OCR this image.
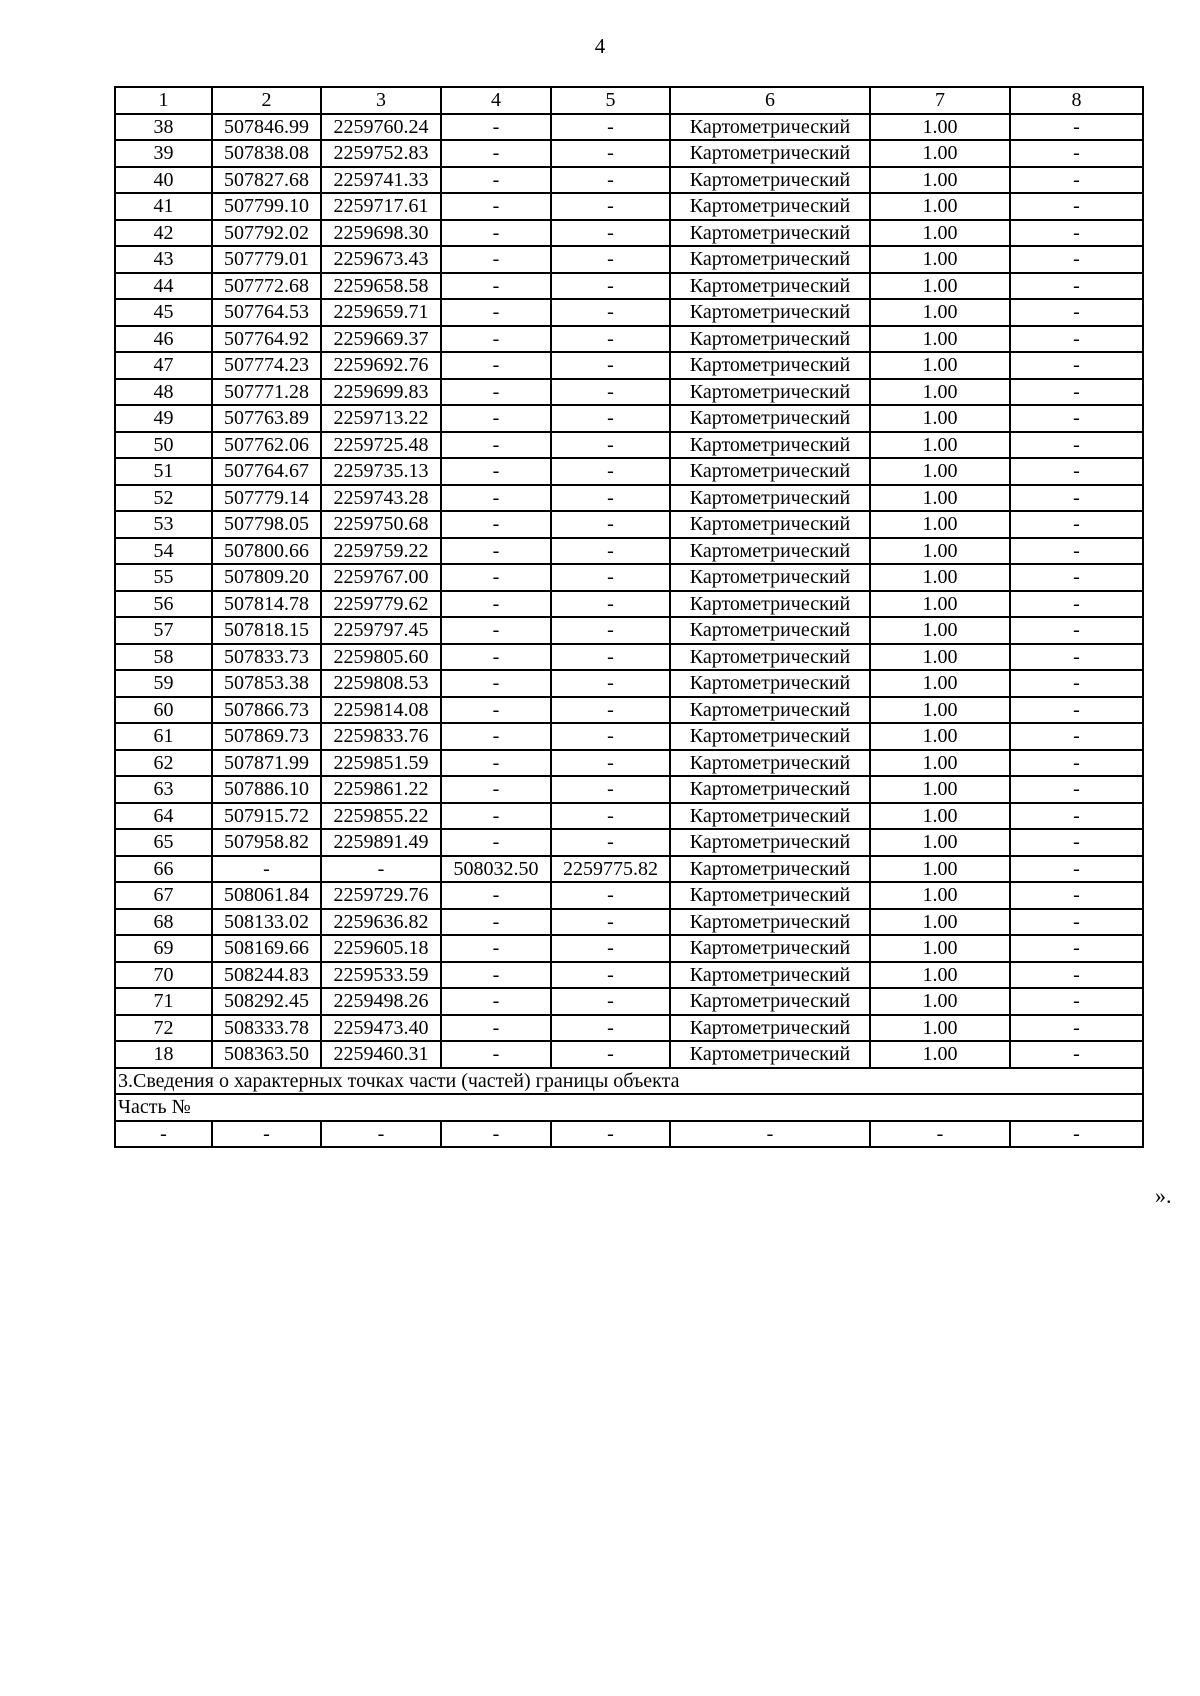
4
1	2	3	4	5	6	7	8
38	507846.99	2259760.24	-	-	Картометрический	1.00	-
39	507838.08	2259752.83	-	-	Картометрический	1.00	-
40	507827.68	2259741.33	-	-	Картометрический	1.00	-
41	507799.10	2259717.61	-	-	Картометрический	1.00	-
42	507792.02	2259698.30	-	-	Картометрический	1.00	-
43	507779.01	2259673.43	-	-	Картометрический	1.00	-
44	507772.68	2259658.58	-	-	Картометрический	1.00	-
45	507764.53	2259659.71	-	-	Картометрический	1.00	-
46	507764.92	2259669.37	-	-	Картометрический	1.00	-
47	507774.23	2259692.76	-	-	Картометрический	1.00	-
48	507771.28	2259699.83	-	-	Картометрический	1.00	-
49	507763.89	2259713.22	-	-	Картометрический	1.00	-
50	507762.06	2259725.48	-	-	Картометрический	1.00	-
51	507764.67	2259735.13	-	-	Картометрический	1.00	-
52	507779.14	2259743.28	-	-	Картометрический	1.00	-
53	507798.05	2259750.68	-	-	Картометрический	1.00	-
54	507800.66	2259759.22	-	-	Картометрический	1.00	-
55	507809.20	2259767.00	-	-	Картометрический	1.00	-
56	507814.78	2259779.62	-	-	Картометрический	1.00	-
57	507818.15	2259797.45	-	-	Картометрический	1.00	-
58	507833.73	2259805.60	-	-	Картометрический	1.00	-
59	507853.38	2259808.53	-	-	Картометрический	1.00	-
60	507866.73	2259814.08	-	-	Картометрический	1.00	-
61	507869.73	2259833.76	-	-	Картометрический	1.00	-
62	507871.99	2259851.59	-	-	Картометрический	1.00	-
63	507886.10	2259861.22	-	-	Картометрический	1.00	-
64	507915.72	2259855.22	-	-	Картометрический	1.00	-
65	507958.82	2259891.49	-	-	Картометрический	1.00	-
66	-	-	508032.50	2259775.82	Картометрический	1.00	-
67	508061.84	2259729.76	-	-	Картометрический	1.00	-
68	508133.02	2259636.82	-	-	Картометрический	1.00	-
69	508169.66	2259605.18	-	-	Картометрический	1.00	-
70	508244.83	2259533.59	-	-	Картометрический	1.00	-
71	508292.45	2259498.26	-	-	Картометрический	1.00	-
72	508333.78	2259473.40	-	-	Картометрический	1.00	-
18	508363.50	2259460.31	-	-	Картометрический	1.00	-
3.Сведения о характерных точках части (частей) границы объекта							
Часть №							
-	-	-	-	-	-	-	-
».
